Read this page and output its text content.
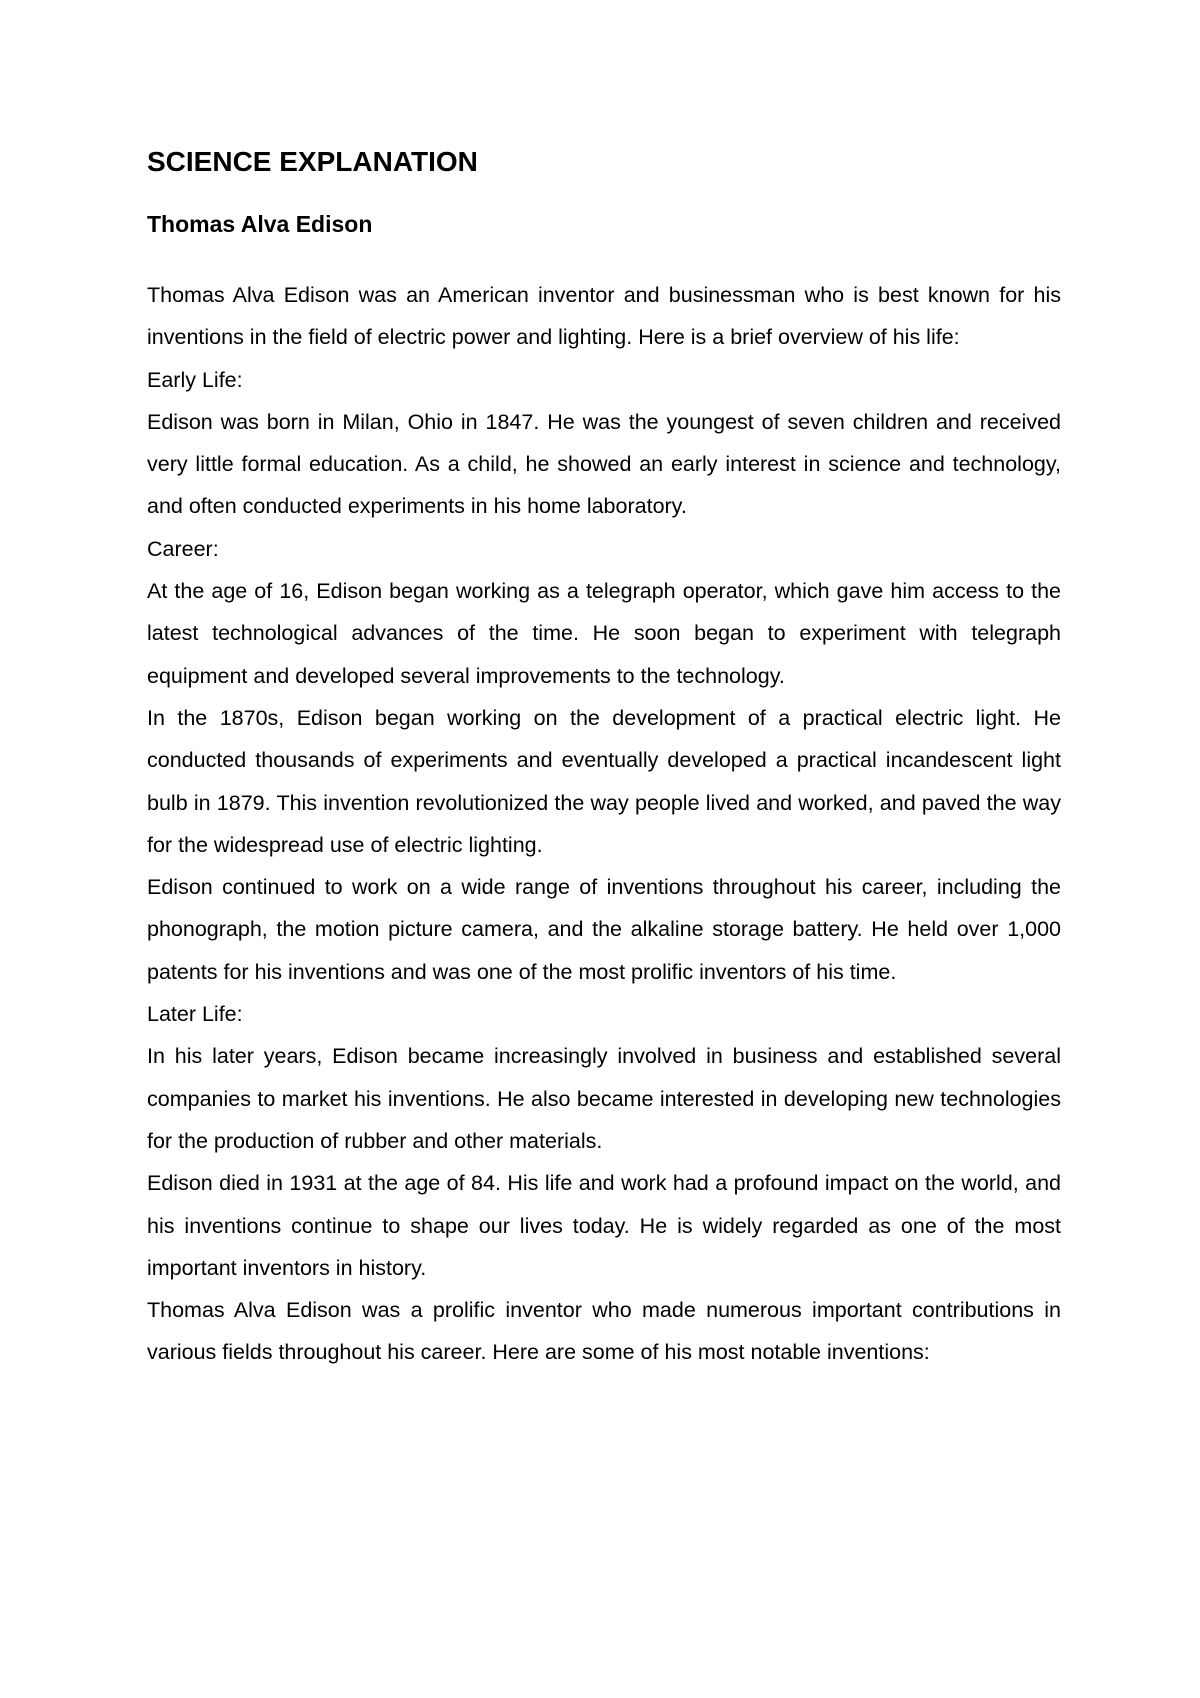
SCIENCE EXPLANATION
Thomas Alva Edison

Thomas Alva Edison was an American inventor and businessman who is best known for his inventions in the field of electric power and lighting. Here is a brief overview of his life:

Early Life:

Edison was born in Milan, Ohio in 1847. He was the youngest of seven children and received very little formal education. As a child, he showed an early interest in science and technology, and often conducted experiments in his home laboratory.

Career:

At the age of 16, Edison began working as a telegraph operator, which gave him access to the latest technological advances of the time. He soon began to experiment with telegraph equipment and developed several improvements to the technology.

In the 1870s, Edison began working on the development of a practical electric light. He conducted thousands of experiments and eventually developed a practical incandescent light bulb in 1879. This invention revolutionized the way people lived and worked, and paved the way for the widespread use of electric lighting.

Edison continued to work on a wide range of inventions throughout his career, including the phonograph, the motion picture camera, and the alkaline storage battery. He held over 1,000 patents for his inventions and was one of the most prolific inventors of his time.

Later Life:

In his later years, Edison became increasingly involved in business and established several companies to market his inventions. He also became interested in developing new technologies for the production of rubber and other materials.

Edison died in 1931 at the age of 84. His life and work had a profound impact on the world, and his inventions continue to shape our lives today. He is widely regarded as one of the most important inventors in history.

Thomas Alva Edison was a prolific inventor who made numerous important contributions in various fields throughout his career. Here are some of his most notable inventions:
